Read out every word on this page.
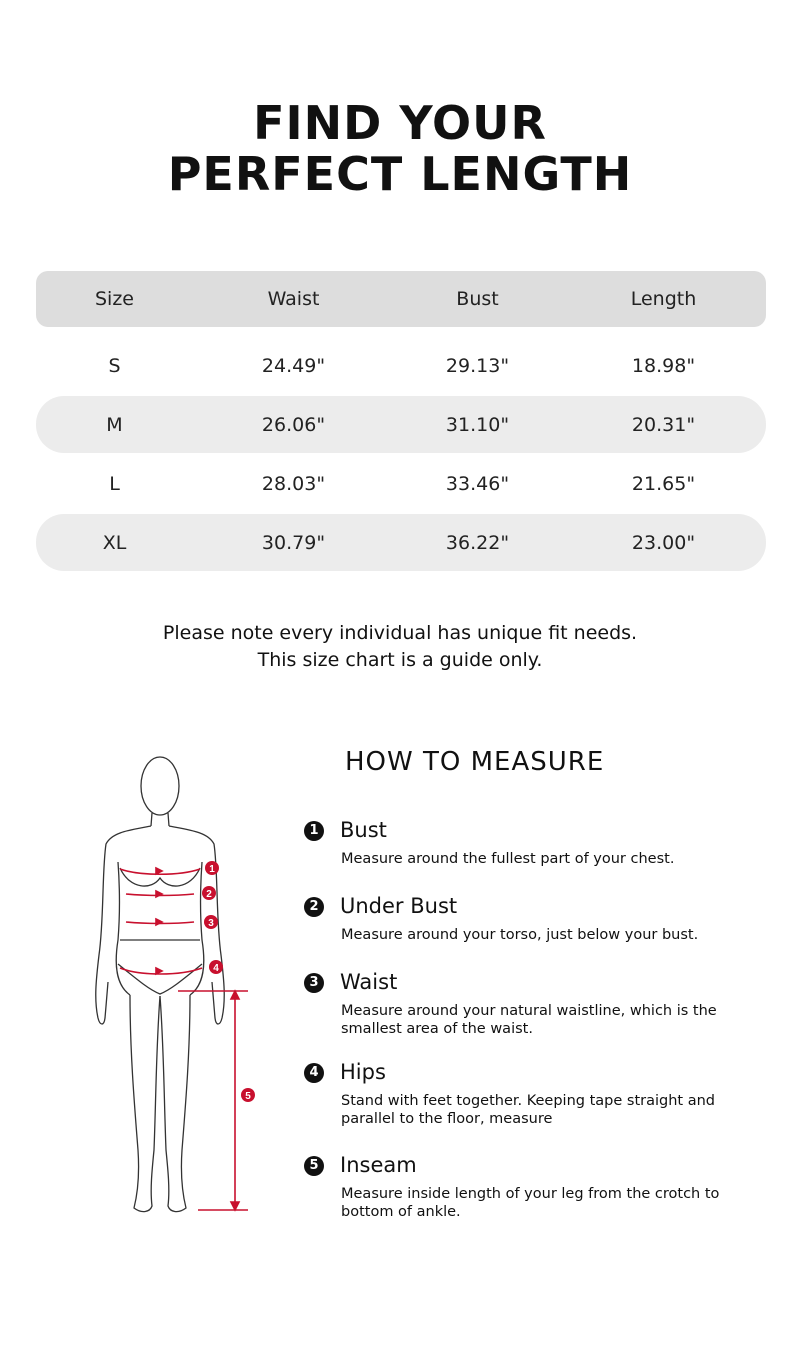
FIND YOUR
PERFECT LENGTH
Size	Waist	Bust	Length
S	24.49"	29.13"	18.98"
M	26.06"	31.10"	20.31"
L	28.03"	33.46"	21.65"
XL	30.79"	36.22"	23.00"
Please note every individual has unique fit needs.
This size chart is a guide only.
HOW TO MEASURE
1 Bust
Measure around the fullest part of your chest.
2 Under Bust
Measure around your torso, just below your bust.
3 Waist
Measure around your natural waistline, which is the smallest area of the waist.
4 Hips
Stand with feet together. Keeping tape straight and parallel to the floor, measure
5 Inseam
Measure inside length of your leg from the crotch to bottom of ankle.
1
2
3
4
5
